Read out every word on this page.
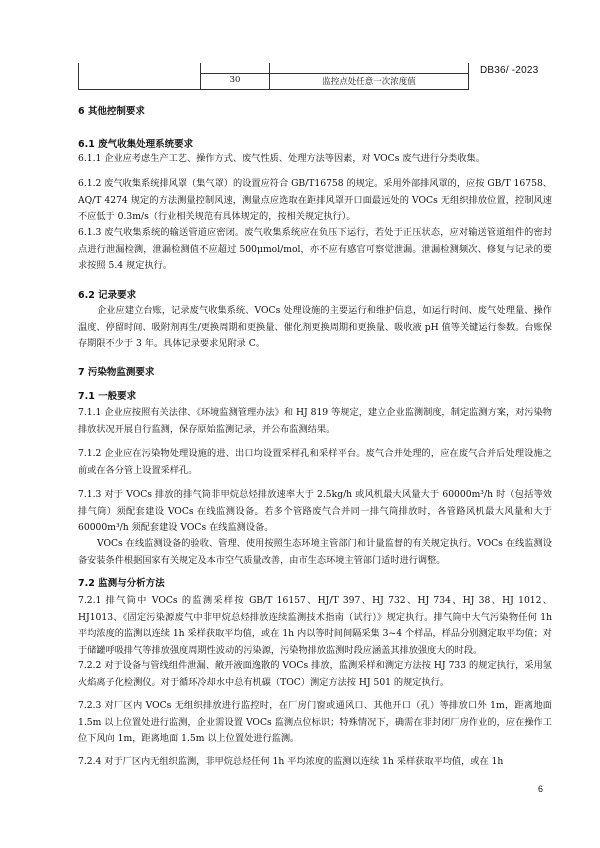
DB36/ -2023
30	监控点处任意一次浓度值
6 其他控制要求
6.1 废气收集处理系统要求
6.1.1 企业应考虑生产工艺、操作方式、废气性质、处理方法等因素，对 VOCs 废气进行分类收集。
6.1.2 废气收集系统排风罩（集气罩）的设置应符合 GB/T16758 的规定。采用外部排风罩的，应按 GB/T 16758、AQ/T 4274 规定的方法测量控制风速，测量点应选取在距排风罩开口面最远处的 VOCs 无组织排放位置，控制风速不应低于 0.3m/s（行业相关规范有具体规定的，按相关规定执行）。
6.1.3 废气收集系统的输送管道应密闭。废气收集系统应在负压下运行，若处于正压状态，应对输送管道组件的密封点进行泄漏检测，泄漏检测值不应超过 500μmol/mol，亦不应有感官可察觉泄漏。泄漏检测频次、修复与记录的要求按照 5.4 规定执行。
6.2 记录要求
企业应建立台账，记录废气收集系统、VOCs 处理设施的主要运行和维护信息，如运行时间、废气处理量、操作温度、停留时间、吸附剂再生/更换周期和更换量、催化剂更换周期和更换量、吸收液 pH 值等关键运行参数。台账保存期限不少于 3 年。具体记录要求见附录 C。
7 污染物监测要求
7.1 一般要求
7.1.1 企业应按照有关法律、《环境监测管理办法》和 HJ 819 等规定，建立企业监测制度，制定监测方案，对污染物排放状况开展自行监测，保存原始监测记录，并公布监测结果。
7.1.2 企业应在污染物处理设施的进、出口均设置采样孔和采样平台。废气合并处理的，应在废气合并后处理设施之前或在各分管上设置采样孔。
7.1.3 对于 VOCs 排放的排气筒非甲烷总烃排放速率大于 2.5kg/h 或风机最大风量大于 60000m³/h 时（包括等效排气筒）须配套建设 VOCs 在线监测设备。若多个管路废气合并同一排气筒排放时，各管路风机最大风量和大于 60000m³/h 须配套建设 VOCs 在线监测设备。
VOCs 在线监测设备的验收、管理、使用按照生态环境主管部门和计量监督的有关规定执行。VOCs 在线监测设备安装条件根据国家有关规定及本市空气质量改善，由市生态环境主管部门适时进行调整。
7.2 监测与分析方法
7.2.1 排气筒中 VOCs 的监测采样按 GB/T 16157、HJ/T 397、HJ 732、HJ 734、HJ 38、HJ 1012、HJ1013、《固定污染源废气中非甲烷总烃排放连续监测技术指南（试行）》规定执行。排气筒中大气污染物任何 1h 平均浓度的监测以连续 1h 采样获取平均值，或在 1h 内以等时间间隔采集 3~4 个样品，样品分别测定取平均值；对于储罐呼吸排气等排放强度周期性波动的污染源，污染物排放监测时段应涵盖其排放强度大的时段。
7.2.2 对于设备与管线组件泄漏、敞开液面逸散的 VOCs 排放，监测采样和测定方法按 HJ 733 的规定执行，采用氢火焰离子化检测仪。对于循环冷却水中总有机碳（TOC）测定方法按 HJ 501 的规定执行。
7.2.3 对厂区内 VOCs 无组织排放进行监控时，在厂房门窗或通风口、其他开口（孔）等排放口外 1m，距离地面 1.5m 以上位置处进行监测，企业需设置 VOCs 监测点位标识；特殊情况下，确需在非封闭厂房作业的，应在操作工位下风向 1m，距离地面 1.5m 以上位置处进行监测。
7.2.4 对于厂区内无组织监测，非甲烷总烃任何 1h 平均浓度的监测以连续 1h 采样获取平均值，或在 1h
6
